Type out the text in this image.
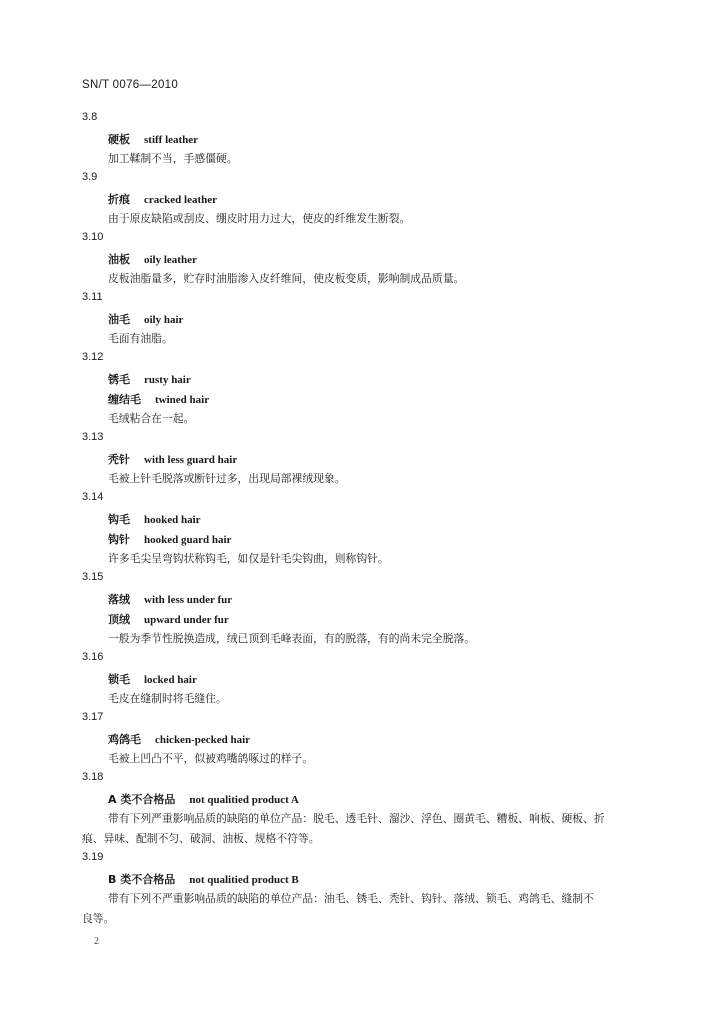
SN/T 0076—2010
3.8
硬板 stiff leather
加工鞣制不当，手感僵硬。
3.9
折痕 cracked leather
由于原皮缺陷或刮皮、绷皮时用力过大，使皮的纤维发生断裂。
3.10
油板 oily leather
皮板油脂量多，贮存时油脂渗入皮纤维间，使皮板变质，影响制成品质量。
3.11
油毛 oily hair
毛面有油脂。
3.12
锈毛 rusty hair
缠结毛 twined hair
毛绒粘合在一起。
3.13
秃针 with less guard hair
毛被上针毛脱落或断针过多，出现局部裸绒现象。
3.14
钩毛 hooked hair
钩针 hooked guard hair
许多毛尖呈弯钩状称钩毛，如仅是针毛尖钩曲，则称钩针。
3.15
落绒 with less under fur
顶绒 upward under fur
一般为季节性脱换造成，绒已顶到毛峰表面，有的脱落，有的尚未完全脱落。
3.16
锁毛 locked hair
毛皮在缝制时将毛缝住。
3.17
鸡鸽毛 chicken-pecked hair
毛被上凹凸不平，似被鸡嘴鸽啄过的样子。
3.18
A 类不合格品 not qualitied product A
带有下列严重影响品质的缺陷的单位产品：脱毛、透毛针、溜沙、浮色、圈黄毛、糟板、响板、硬板、折
痕、异味、配制不匀、破洞、油板、规格不符等。
3.19
B 类不合格品 not qualitied product B
带有下列不严重影响品质的缺陷的单位产品：油毛、锈毛、秃针、钩针、落绒、锁毛、鸡鸽毛、缝制不
良等。
2
